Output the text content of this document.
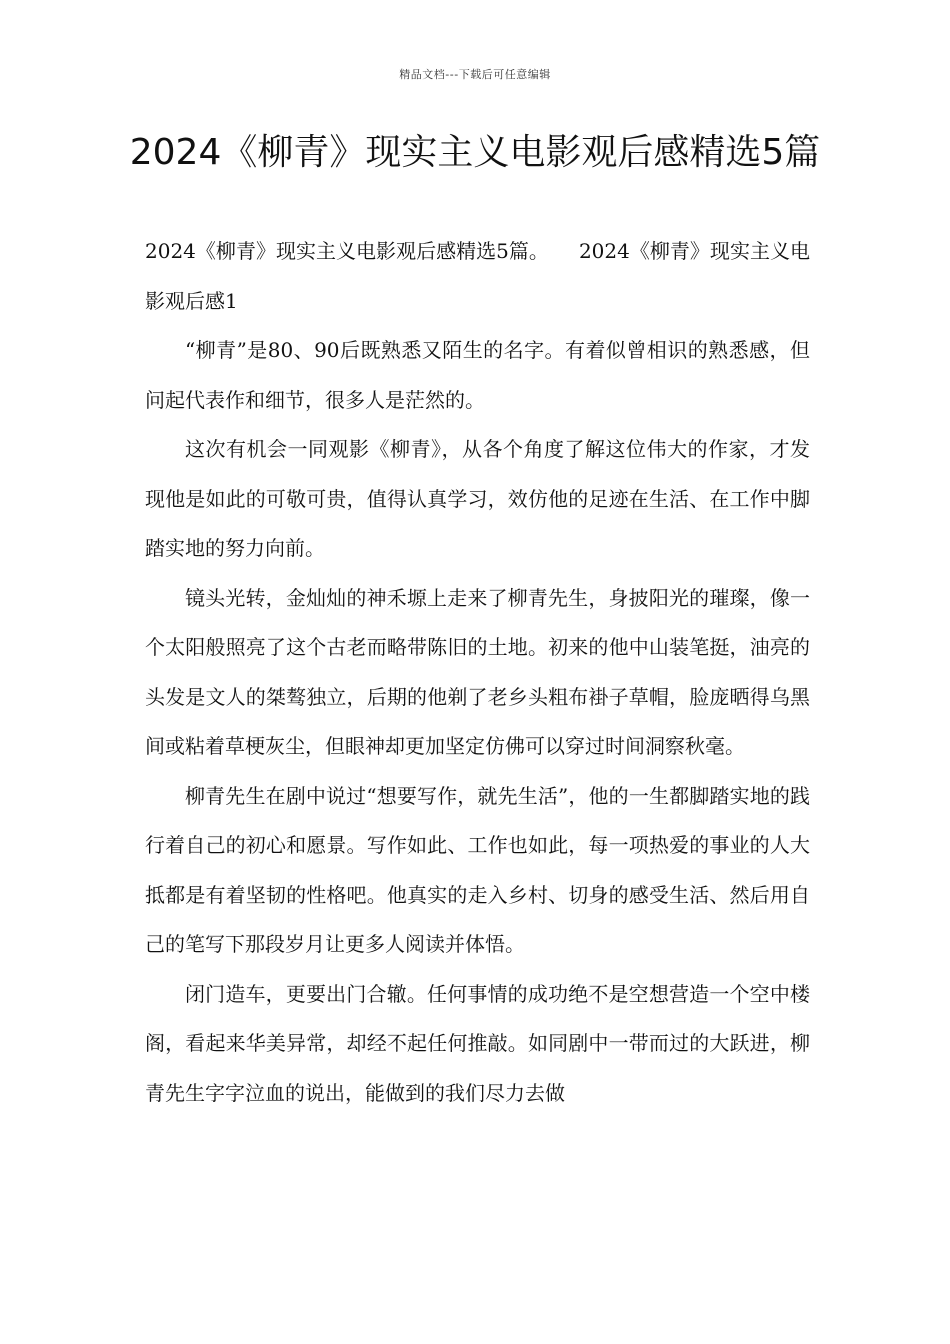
精品文档---下载后可任意编辑
2024《柳青》现实主义电影观后感精选5篇

2024《柳青》现实主义电影观后感精选5篇。　　2024《柳青》现实主义电影观后感1

“柳青”是80、90后既熟悉又陌生的名字。有着似曾相识的熟悉感，但问起代表作和细节，很多人是茫然的。

这次有机会一同观影《柳青》，从各个角度了解这位伟大的作家，才发现他是如此的可敬可贵，值得认真学习，效仿他的足迹在生活、在工作中脚踏实地的努力向前。

镜头光转，金灿灿的神禾塬上走来了柳青先生，身披阳光的璀璨，像一个太阳般照亮了这个古老而略带陈旧的土地。初来的他中山装笔挺，油亮的头发是文人的桀骜独立，后期的他剃了老乡头粗布褂子草帽，脸庞晒得乌黑间或粘着草梗灰尘，但眼神却更加坚定仿佛可以穿过时间洞察秋毫。

柳青先生在剧中说过“想要写作，就先生活”，他的一生都脚踏实地的践行着自己的初心和愿景。写作如此、工作也如此，每一项热爱的事业的人大抵都是有着坚韧的性格吧。他真实的走入乡村、切身的感受生活、然后用自己的笔写下那段岁月让更多人阅读并体悟。

闭门造车，更要出门合辙。任何事情的成功绝不是空想营造一个空中楼阁，看起来华美异常，却经不起任何推敲。如同剧中一带而过的大跃进，柳青先生字字泣血的说出，能做到的我们尽力去做
